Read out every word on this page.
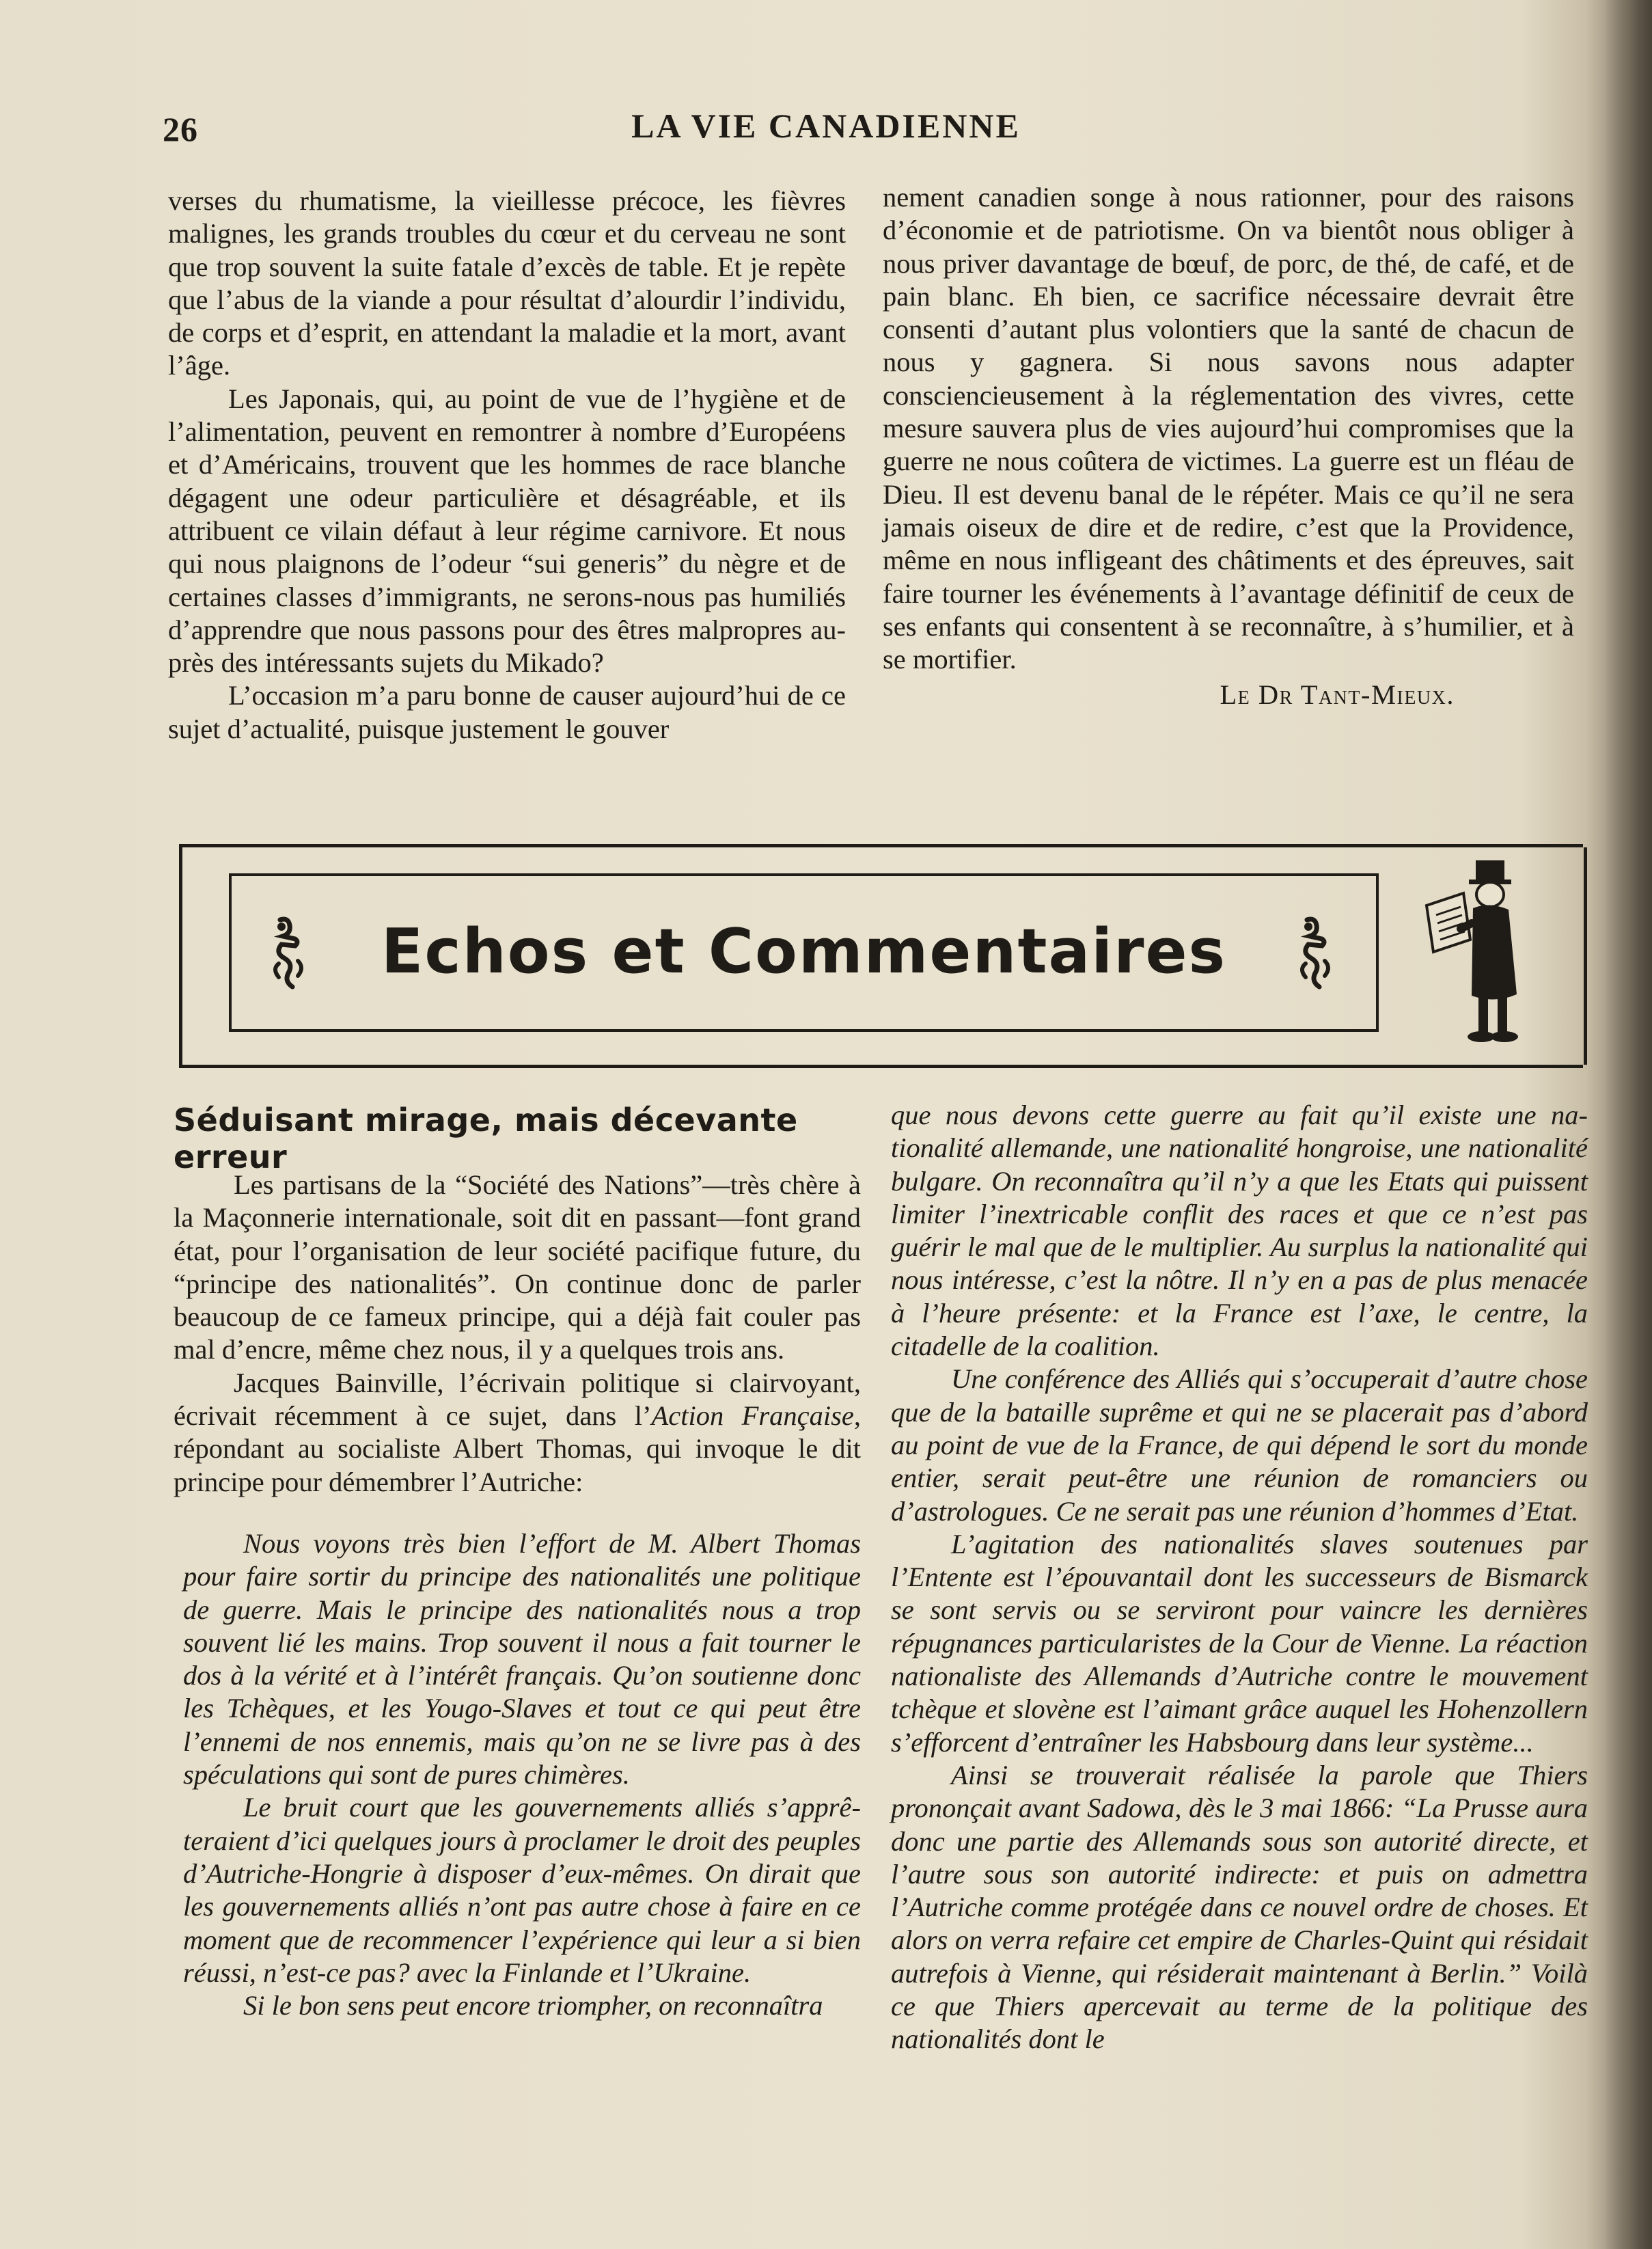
26	LA VIE CANADIENNE

verses du rhumatisme, la vieillesse précoce, les fièvres malignes, les grands troubles du cœur et du cerveau ne sont que trop souvent la suite fatale d’excès de table. Et je repète que l’abus de la viande a pour résultat d’alourdir l’individu, de corps et d’esprit, en attendant la maladie et la mort, avant l’âge.

Les Japonais, qui, au point de vue de l’hygiène et de l’alimentation, peuvent en remontrer à nombre d’Européens et d’Américains, trouvent que les hommes de race blanche dégagent une odeur particulière et désagréable, et ils attribuent ce vilain défaut à leur régime carnivore. Et nous qui nous plaignons de l’odeur “sui generis” du nègre et de certaines classes d’immigrants, ne serons-nous pas humiliés d’apprendre que nous passons pour des êtres malpropres auprès des intéressants sujets du Mikado?

L’occasion m’a paru bonne de causer aujourd’hui de ce sujet d’actualité, puisque justement le gouver

nement canadien songe à nous rationner, pour des raisons d’économie et de patriotisme. On va bientôt nous obliger à nous priver davantage de bœuf, de porc, de thé, de café, et de pain blanc. Eh bien, ce sacrifice nécessaire devrait être consenti d’autant plus volontiers que la santé de chacun de nous y gagnera. Si nous savons nous adapter consciencieusement à la réglementation des vivres, cette mesure sauvera plus de vies aujourd’hui compromises que la guerre ne nous coûtera de victimes. La guerre est un fléau de Dieu. Il est devenu banal de le répéter. Mais ce qu’il ne sera jamais oiseux de dire et de redire, c’est que la Providence, même en nous infligeant des châtiments et des épreuves, sait faire tourner les événements à l’avantage définitif de ceux de ses enfants qui consentent à se reconnaître, à s’humilier, et à se mortifier.

Le Dr Tant-Mieux.

Echos et Commentaires
Séduisant mirage, mais décevante erreur

Les partisans de la “Société des Nations”—très chère à la Maçonnerie internationale, soit dit en passant—font grand état, pour l’organisation de leur société pacifique future, du “principe des nationalités”. On continue donc de parler beaucoup de ce fameux principe, qui a déjà fait couler pas mal d’encre, même chez nous, il y a quelques trois ans.

Jacques Bainville, l’écrivain politique si clairvoyant, écrivait récemment à ce sujet, dans l’Action Française, répondant au socialiste Albert Thomas, qui invoque le dit principe pour démembrer l’Autriche:

Nous voyons très bien l’effort de M. Albert Thomas pour faire sortir du principe des nationalités une politique de guerre. Mais le principe des nationalités nous a trop souvent lié les mains. Trop souvent il nous a fait tourner le dos à la vérité et à l’intérêt français. Qu’on soutienne donc les Tchèques, et les Yougo-Slaves et tout ce qui peut être l’ennemi de nos ennemis, mais qu’on ne se livre pas à des spéculations qui sont de pures chimères.

Le bruit court que les gouvernements alliés s’apprêteraient d’ici quelques jours à proclamer le droit des peuples d’Autriche-Hongrie à disposer d’eux-mêmes. On dirait que les gouvernements alliés n’ont pas autre chose à faire en ce moment que de recommencer l’expérience qui leur a si bien réussi, n’est-ce pas? avec la Finlande et l’Ukraine.

Si le bon sens peut encore triompher, on reconnaîtra

que nous devons cette guerre au fait qu’il existe une nationalité allemande, une nationalité hongroise, une nationalité bulgare. On reconnaîtra qu’il n’y a que les Etats qui puissent limiter l’inextricable conflit des races et que ce n’est pas guérir le mal que de le multiplier. Au surplus la nationalité qui nous intéresse, c’est la nôtre. Il n’y en a pas de plus menacée à l’heure présente: et la France est l’axe, le centre, la citadelle de la coalition.

Une conférence des Alliés qui s’occuperait d’autre chose que de la bataille suprême et qui ne se placerait pas d’abord au point de vue de la France, de qui dépend le sort du monde entier, serait peut-être une réunion de romanciers ou d’astrologues. Ce ne serait pas une réunion d’hommes d’Etat.

L’agitation des nationalités slaves soutenues par l’Entente est l’épouvantail dont les successeurs de Bismarck se sont servis ou se serviront pour vaincre les dernières répugnances particularistes de la Cour de Vienne. La réaction nationaliste des Allemands d’Autriche contre le mouvement tchèque et slovène est l’aimant grâce auquel les Hohenzollern s’efforcent d’entraîner les Habsbourg dans leur système...

Ainsi se trouverait réalisée la parole que Thiers prononçait avant Sadowa, dès le 3 mai 1866: “La Prusse aura donc une partie des Allemands sous son autorité directe, et l’autre sous son autorité indirecte: et puis on admettra l’Autriche comme protégée dans ce nouvel ordre de choses. Et alors on verra refaire cet empire de Charles-Quint qui résidait autrefois à Vienne, qui résiderait maintenant à Berlin.” Voilà ce que Thiers apercevait au terme de la politique des nationalités dont le
